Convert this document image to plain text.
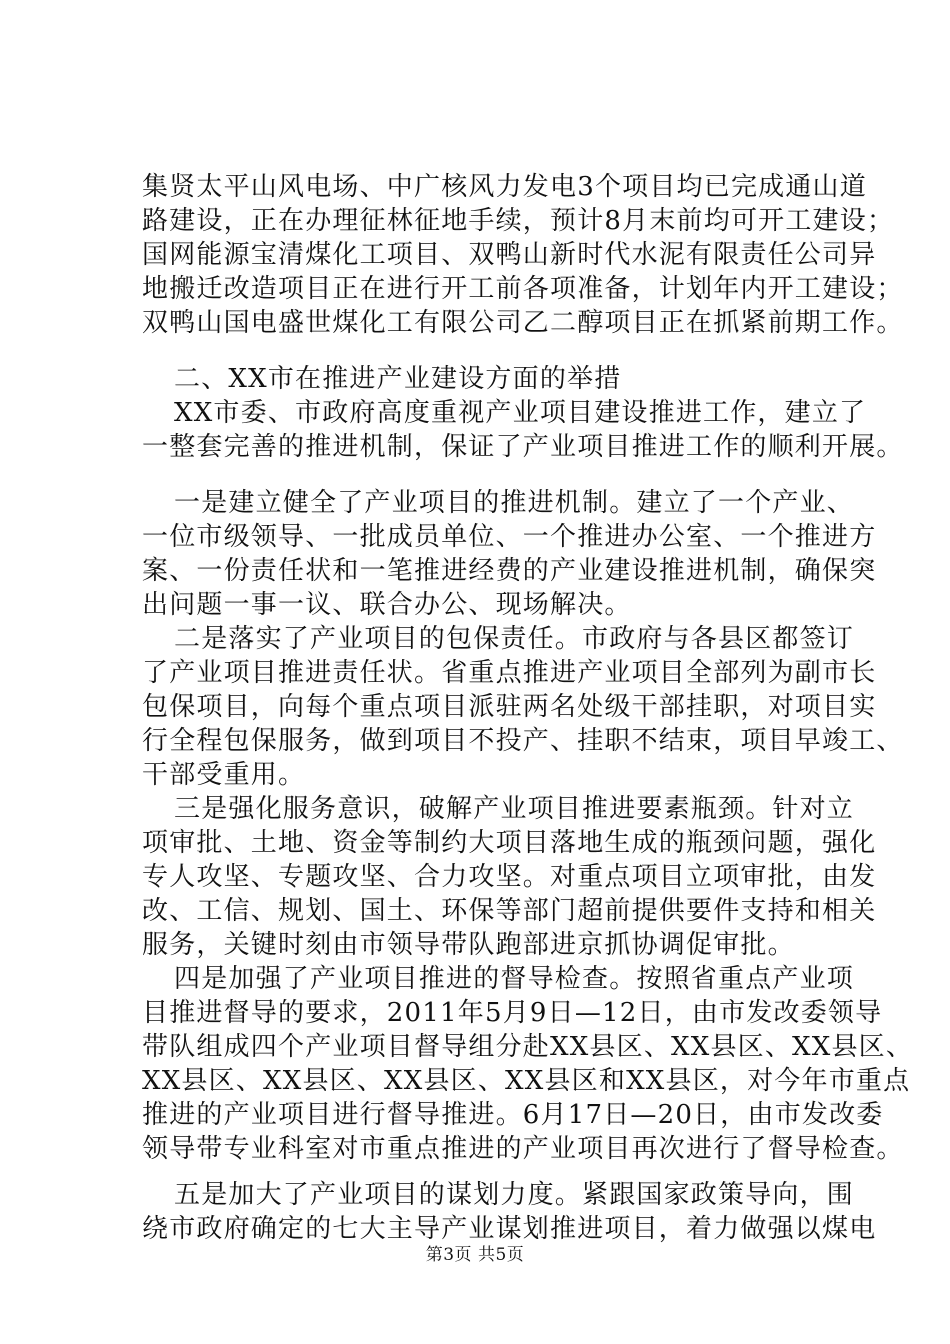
集贤太平山风电场、中广核风力发电3个项目均已完成通山道
路建设，正在办理征林征地手续，预计8月末前均可开工建设；
国网能源宝清煤化工项目、双鸭山新时代水泥有限责任公司异
地搬迁改造项目正在进行开工前各项准备，计划年内开工建设；
双鸭山国电盛世煤化工有限公司乙二醇项目正在抓紧前期工作。
二、XX市在推进产业建设方面的举措
XX市委、市政府高度重视产业项目建设推进工作，建立了
一整套完善的推进机制，保证了产业项目推进工作的顺利开展。
一是建立健全了产业项目的推进机制。建立了一个产业、
一位市级领导、一批成员单位、一个推进办公室、一个推进方
案、一份责任状和一笔推进经费的产业建设推进机制，确保突
出问题一事一议、联合办公、现场解决。
二是落实了产业项目的包保责任。市政府与各县区都签订
了产业项目推进责任状。省重点推进产业项目全部列为副市长
包保项目，向每个重点项目派驻两名处级干部挂职，对项目实
行全程包保服务，做到项目不投产、挂职不结束，项目早竣工、
干部受重用。
三是强化服务意识，破解产业项目推进要素瓶颈。针对立
项审批、土地、资金等制约大项目落地生成的瓶颈问题，强化
专人攻坚、专题攻坚、合力攻坚。对重点项目立项审批，由发
改、工信、规划、国土、环保等部门超前提供要件支持和相关
服务，关键时刻由市领导带队跑部进京抓协调促审批。
四是加强了产业项目推进的督导检查。按照省重点产业项
目推进督导的要求，2011年5月9日—12日，由市发改委领导
带队组成四个产业项目督导组分赴XX县区、XX县区、XX县区、
XX县区、XX县区、XX县区、XX县区和XX县区，对今年市重点
推进的产业项目进行督导推进。6月17日—20日，由市发改委
领导带专业科室对市重点推进的产业项目再次进行了督导检查。
五是加大了产业项目的谋划力度。紧跟国家政策导向，围
绕市政府确定的七大主导产业谋划推进项目，着力做强以煤电
第3页 共5页
